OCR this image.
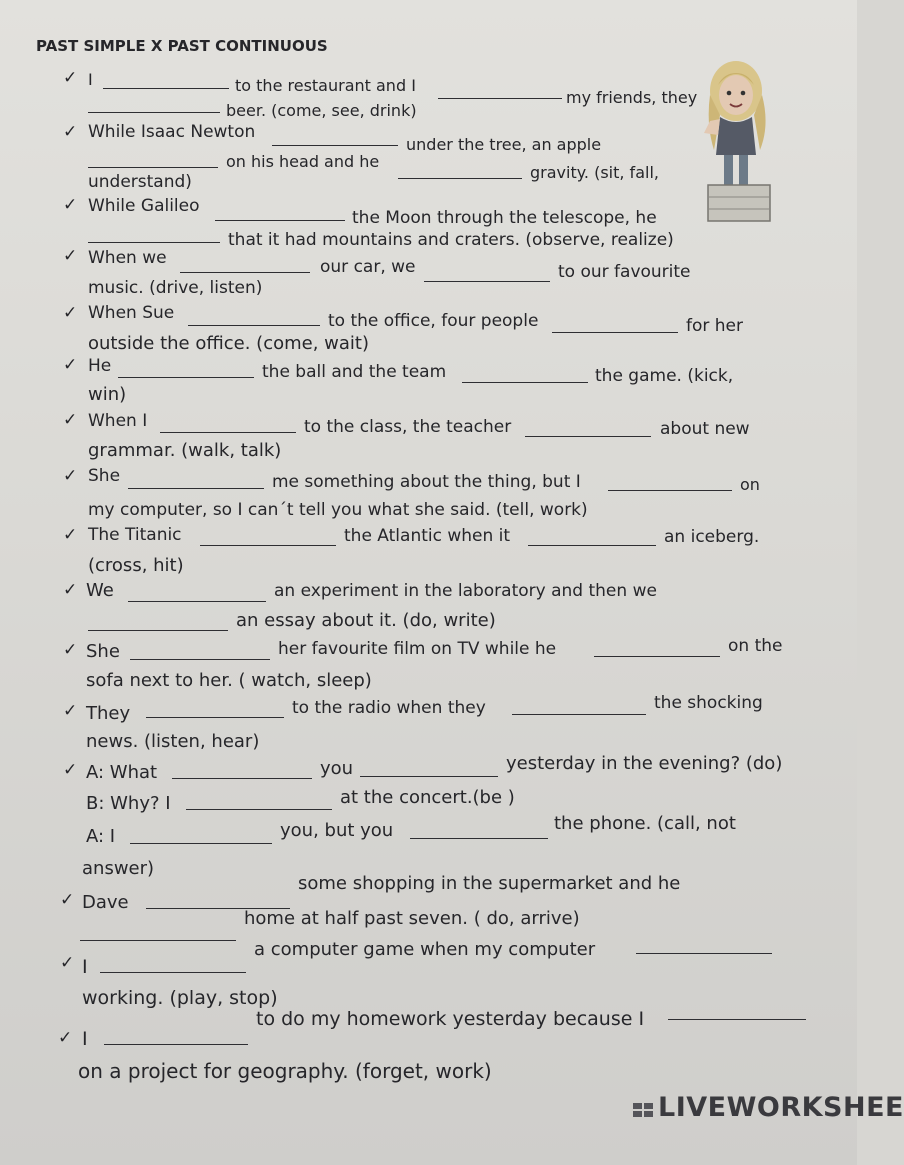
PAST SIMPLE X PAST CONTINUOUS
✓ I	to the restaurant and I
my friends, they
beer. (come, see, drink)
✓ While Isaac Newton
under the tree, an apple
on his head and he
gravity. (sit, fall,
understand)
✓ While Galileo
the Moon through the telescope, he
that it had mountains and craters. (observe, realize)
✓ When we	our car, we	to our favourite
music. (drive, listen)
✓ When Sue	to the office, four people	for her
outside the office. (come, wait)
✓ He	the ball and the team	the game. (kick,
win)
✓ When I	to the class, the teacher	about new
grammar. (walk, talk)
✓ She	me something about the thing, but I	on
my computer, so I can´t tell you what she said. (tell, work)
✓ The Titanic	the Atlantic when it	an iceberg.
(cross, hit)
✓ We	an experiment in the laboratory and then we
an essay about it. (do, write)
✓ She	her favourite film on TV while he	on the
sofa next to her. ( watch, sleep)
✓ They	to the radio when they	the shocking
news. (listen, hear)
✓ A: What	you	yesterday in the evening? (do)
B: Why? I	at the concert.(be )
A: I	you, but you	the phone. (call, not
answer)
✓ Dave
some shopping in the supermarket and he
home at half past seven. ( do, arrive)
✓ I
a computer game when my computer
working. (play, stop)
✓ I
to do my homework yesterday because I
on a project for geography. (forget, work)
LIVEWORKSHEE
